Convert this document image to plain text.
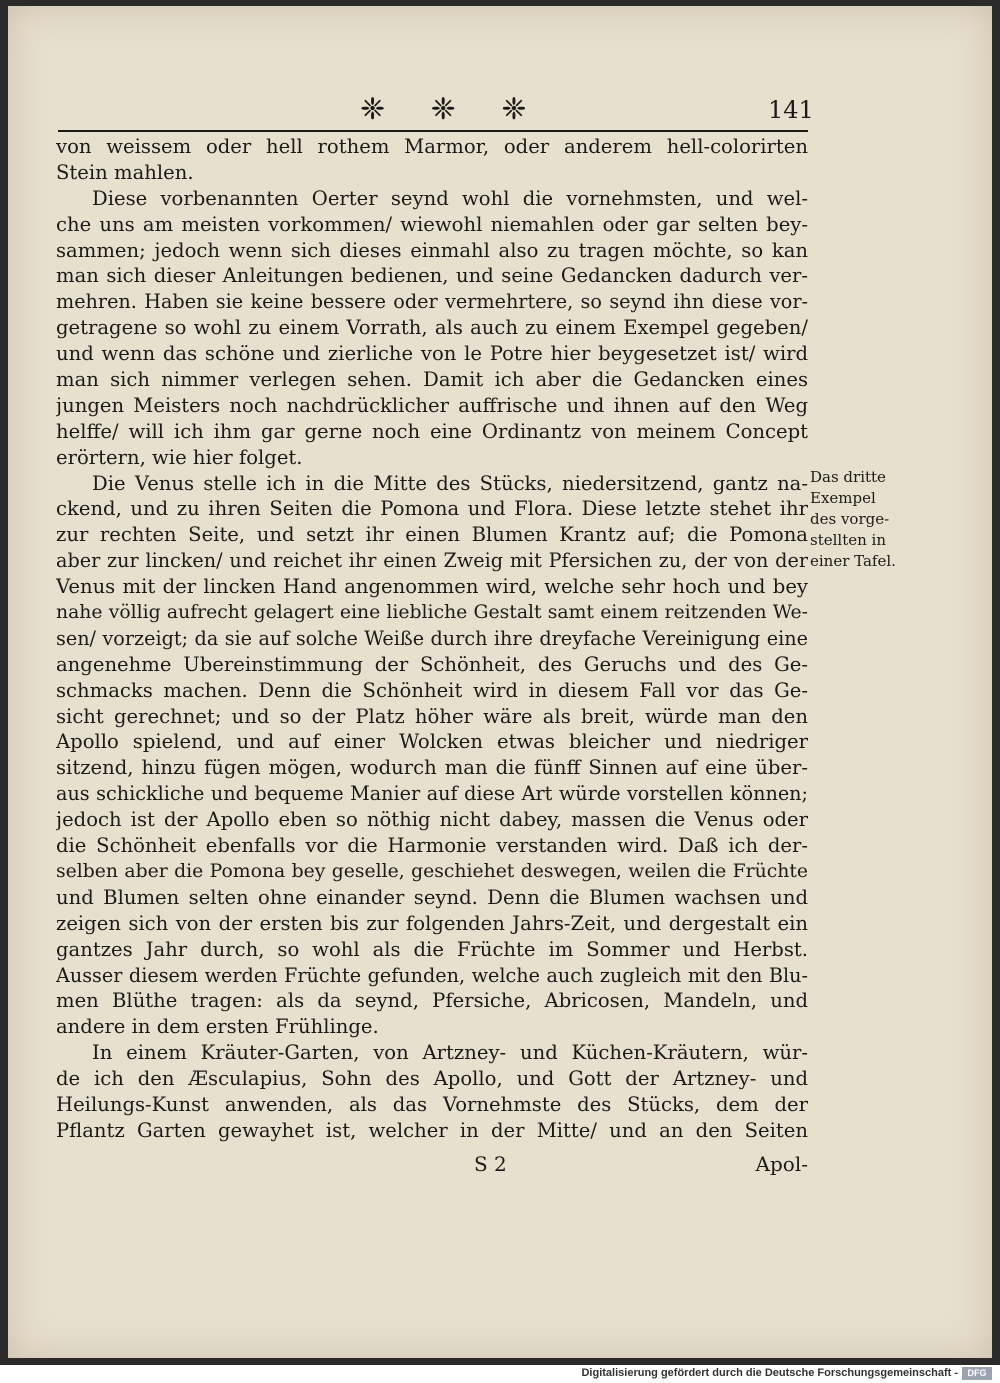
❈ ❈ ❈	141
von weissem oder hell rothem Marmor, oder anderem hell-colorirten
Stein mahlen.
Diese vorbenannten Oerter seynd wohl die vornehmsten, und wel-
che uns am meisten vorkommen/ wiewohl niemahlen oder gar selten bey-
sammen; jedoch wenn sich dieses einmahl also zu tragen möchte, so kan
man sich dieser Anleitungen bedienen, und seine Gedancken dadurch ver-
mehren. Haben sie keine bessere oder vermehrtere, so seynd ihn diese vor-
getragene so wohl zu einem Vorrath, als auch zu einem Exempel gegeben/
und wenn das schöne und zierliche von le Potre hier beygesetzet ist/ wird
man sich nimmer verlegen sehen. Damit ich aber die Gedancken eines
jungen Meisters noch nachdrücklicher auffrische und ihnen auf den Weg
helffe/ will ich ihm gar gerne noch eine Ordinantz von meinem Concept
erörtern, wie hier folget.
Die Venus stelle ich in die Mitte des Stücks, niedersitzend, gantz na-
ckend, und zu ihren Seiten die Pomona und Flora. Diese letzte stehet ihr
zur rechten Seite, und setzt ihr einen Blumen Krantz auf; die Pomona
aber zur lincken/ und reichet ihr einen Zweig mit Pfersichen zu, der von der
Venus mit der lincken Hand angenommen wird, welche sehr hoch und bey
nahe völlig aufrecht gelagert eine liebliche Gestalt samt einem reitzenden We-
sen/ vorzeigt; da sie auf solche Weiße durch ihre dreyfache Vereinigung eine
angenehme Ubereinstimmung der Schönheit, des Geruchs und des Ge-
schmacks machen. Denn die Schönheit wird in diesem Fall vor das Ge-
sicht gerechnet; und so der Platz höher wäre als breit, würde man den
Apollo spielend, und auf einer Wolcken etwas bleicher und niedriger
sitzend, hinzu fügen mögen, wodurch man die fünff Sinnen auf eine über-
aus schickliche und bequeme Manier auf diese Art würde vorstellen können;
jedoch ist der Apollo eben so nöthig nicht dabey, massen die Venus oder
die Schönheit ebenfalls vor die Harmonie verstanden wird. Daß ich der-
selben aber die Pomona bey geselle, geschiehet deswegen, weilen die Früchte
und Blumen selten ohne einander seynd. Denn die Blumen wachsen und
zeigen sich von der ersten bis zur folgenden Jahrs-Zeit, und dergestalt ein
gantzes Jahr durch, so wohl als die Früchte im Sommer und Herbst.
Ausser diesem werden Früchte gefunden, welche auch zugleich mit den Blu-
men Blüthe tragen: als da seynd, Pfersiche, Abricosen, Mandeln, und
andere in dem ersten Frühlinge.
In einem Kräuter-Garten, von Artzney- und Küchen-Kräutern, wür-
de ich den Æsculapius, Sohn des Apollo, und Gott der Artzney- und
Heilungs-Kunst anwenden, als das Vornehmste des Stücks, dem der
Pflantz Garten gewayhet ist, welcher in der Mitte/ und an den Seiten
Das dritte
Exempel
des vorge-
stellten in
einer Tafel.
S 2	Apol-
Digitalisierung gefördert durch die Deutsche Forschungsgemeinschaft -	DFG
